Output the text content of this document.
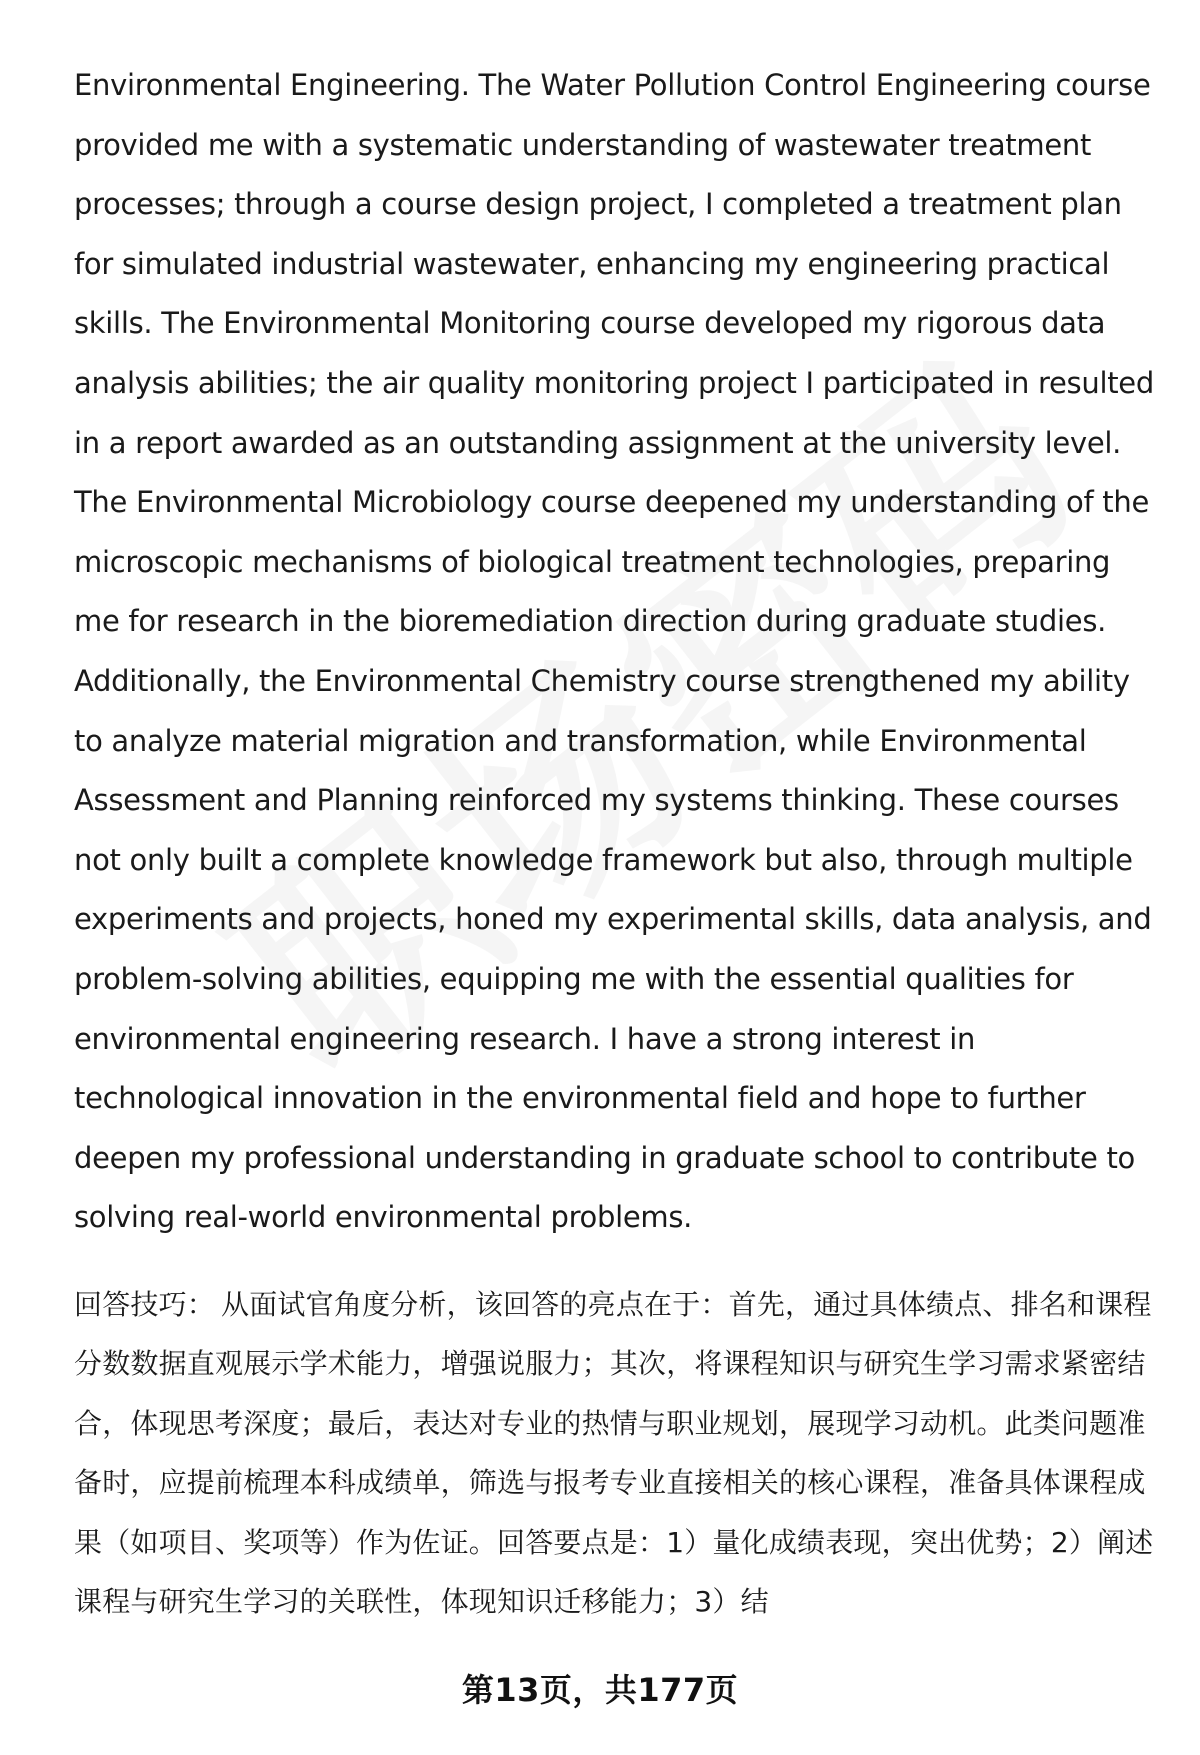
Environmental Engineering. The Water Pollution Control Engineering course provided me with a systematic understanding of wastewater treatment processes; through a course design project, I completed a treatment plan for simulated industrial wastewater, enhancing my engineering practical skills. The Environmental Monitoring course developed my rigorous data analysis abilities; the air quality monitoring project I participated in resulted in a report awarded as an outstanding assignment at the university level. The Environmental Microbiology course deepened my understanding of the microscopic mechanisms of biological treatment technologies, preparing me for research in the bioremediation direction during graduate studies. Additionally, the Environmental Chemistry course strengthened my ability to analyze material migration and transformation, while Environmental Assessment and Planning reinforced my systems thinking. These courses not only built a complete knowledge framework but also, through multiple experiments and projects, honed my experimental skills, data analysis, and problem-solving abilities, equipping me with the essential qualities for environmental engineering research. I have a strong interest in technological innovation in the environmental field and hope to further deepen my professional understanding in graduate school to contribute to solving real-world environmental problems.

回答技巧： 从面试官角度分析，该回答的亮点在于：首先，通过具体绩点、排名和课程分数数据直观展示学术能力，增强说服力；其次，将课程知识与研究生学习需求紧密结合，体现思考深度；最后，表达对专业的热情与职业规划，展现学习动机。此类问题准备时，应提前梳理本科成绩单，筛选与报考专业直接相关的核心课程，准备具体课程成果（如项目、奖项等）作为佐证。回答要点是：1）量化成绩表现，突出优势；2）阐述课程与研究生学习的关联性，体现知识迁移能力；3）结
第13页，共177页
